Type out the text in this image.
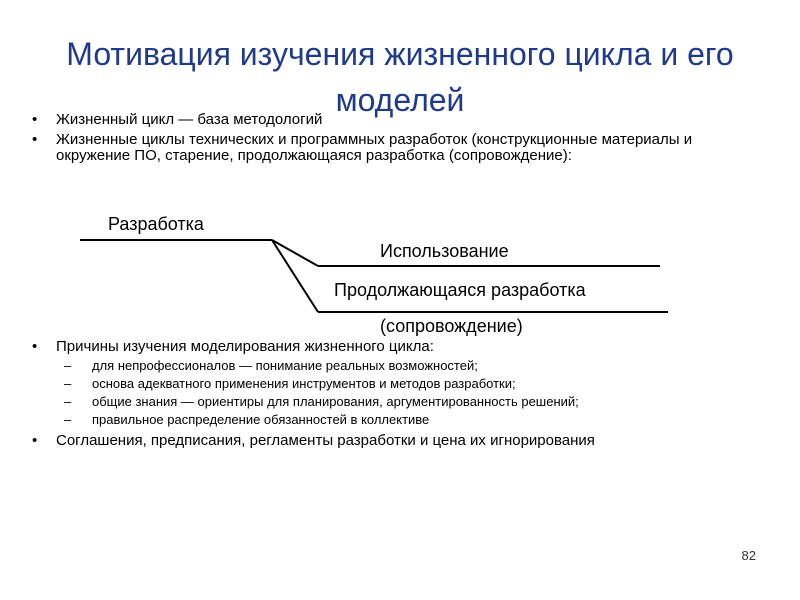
Мотивация изучения жизненного цикла и его
моделей
• Жизненный цикл — база методологий
• Жизненные циклы технических и программных разработок (конструкционные материалы и окружение ПО, старение, продолжающаяся разработка (сопровождение):
Разработка
Использование
Продолжающаяся разработка
(сопровождение)
• Причины изучения моделирования жизненного цикла:
– для непрофессионалов — понимание реальных возможностей;
– основа адекватного применения инструментов и методов разработки;
– общие знания — ориентиры для планирования, аргументированность решений;
– правильное распределение обязанностей в коллективе
• Соглашения, предписания, регламенты разработки и цена их игнорирования
82
